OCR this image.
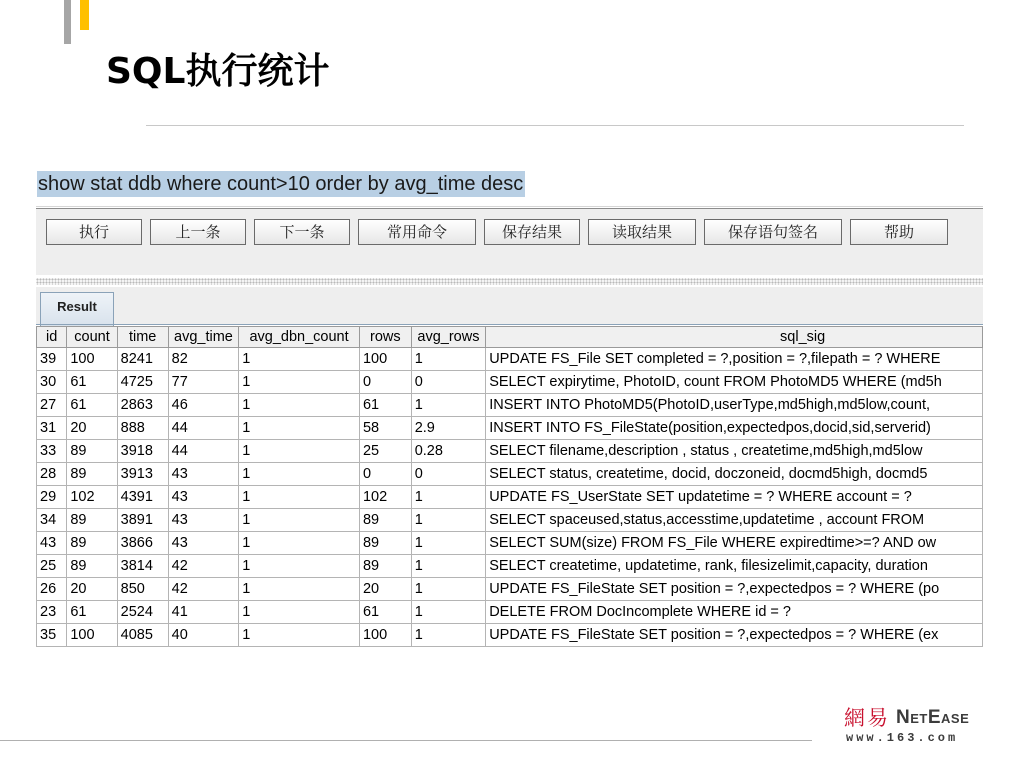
SQL执行统计
show stat ddb where count>10 order by avg_time desc
执行	上一条	下一条	常用命令	保存结果	读取结果	保存语句签名	帮助
Result
id	count	time	avg_time	avg_dbn_count	rows	avg_rows	sql_sig
39	100	8241	82	1	100	1	UPDATE FS_File SET completed = ?,position = ?,filepath = ? WHERE
30	61	4725	77	1	0	0	SELECT expirytime, PhotoID, count FROM PhotoMD5 WHERE (md5h
27	61	2863	46	1	61	1	INSERT INTO PhotoMD5(PhotoID,userType,md5high,md5low,count,
31	20	888	44	1	58	2.9	INSERT INTO FS_FileState(position,expectedpos,docid,sid,serverid)
33	89	3918	44	1	25	0.28	SELECT filename,description , status , createtime,md5high,md5low
28	89	3913	43	1	0	0	SELECT status, createtime, docid, doczoneid, docmd5high, docmd5
29	102	4391	43	1	102	1	UPDATE FS_UserState SET updatetime = ? WHERE account = ?
34	89	3891	43	1	89	1	SELECT spaceused,status,accesstime,updatetime , account FROM
43	89	3866	43	1	89	1	SELECT SUM(size) FROM FS_File WHERE expiredtime>=? AND ow
25	89	3814	42	1	89	1	SELECT createtime, updatetime, rank, filesizelimit,capacity, duration
26	20	850	42	1	20	1	UPDATE FS_FileState SET position = ?,expectedpos = ? WHERE (po
23	61	2524	41	1	61	1	DELETE FROM DocIncomplete WHERE id = ?
35	100	4085	40	1	100	1	UPDATE FS_FileState SET position = ?,expectedpos = ? WHERE (ex
網易 NetEase
www.163.com
